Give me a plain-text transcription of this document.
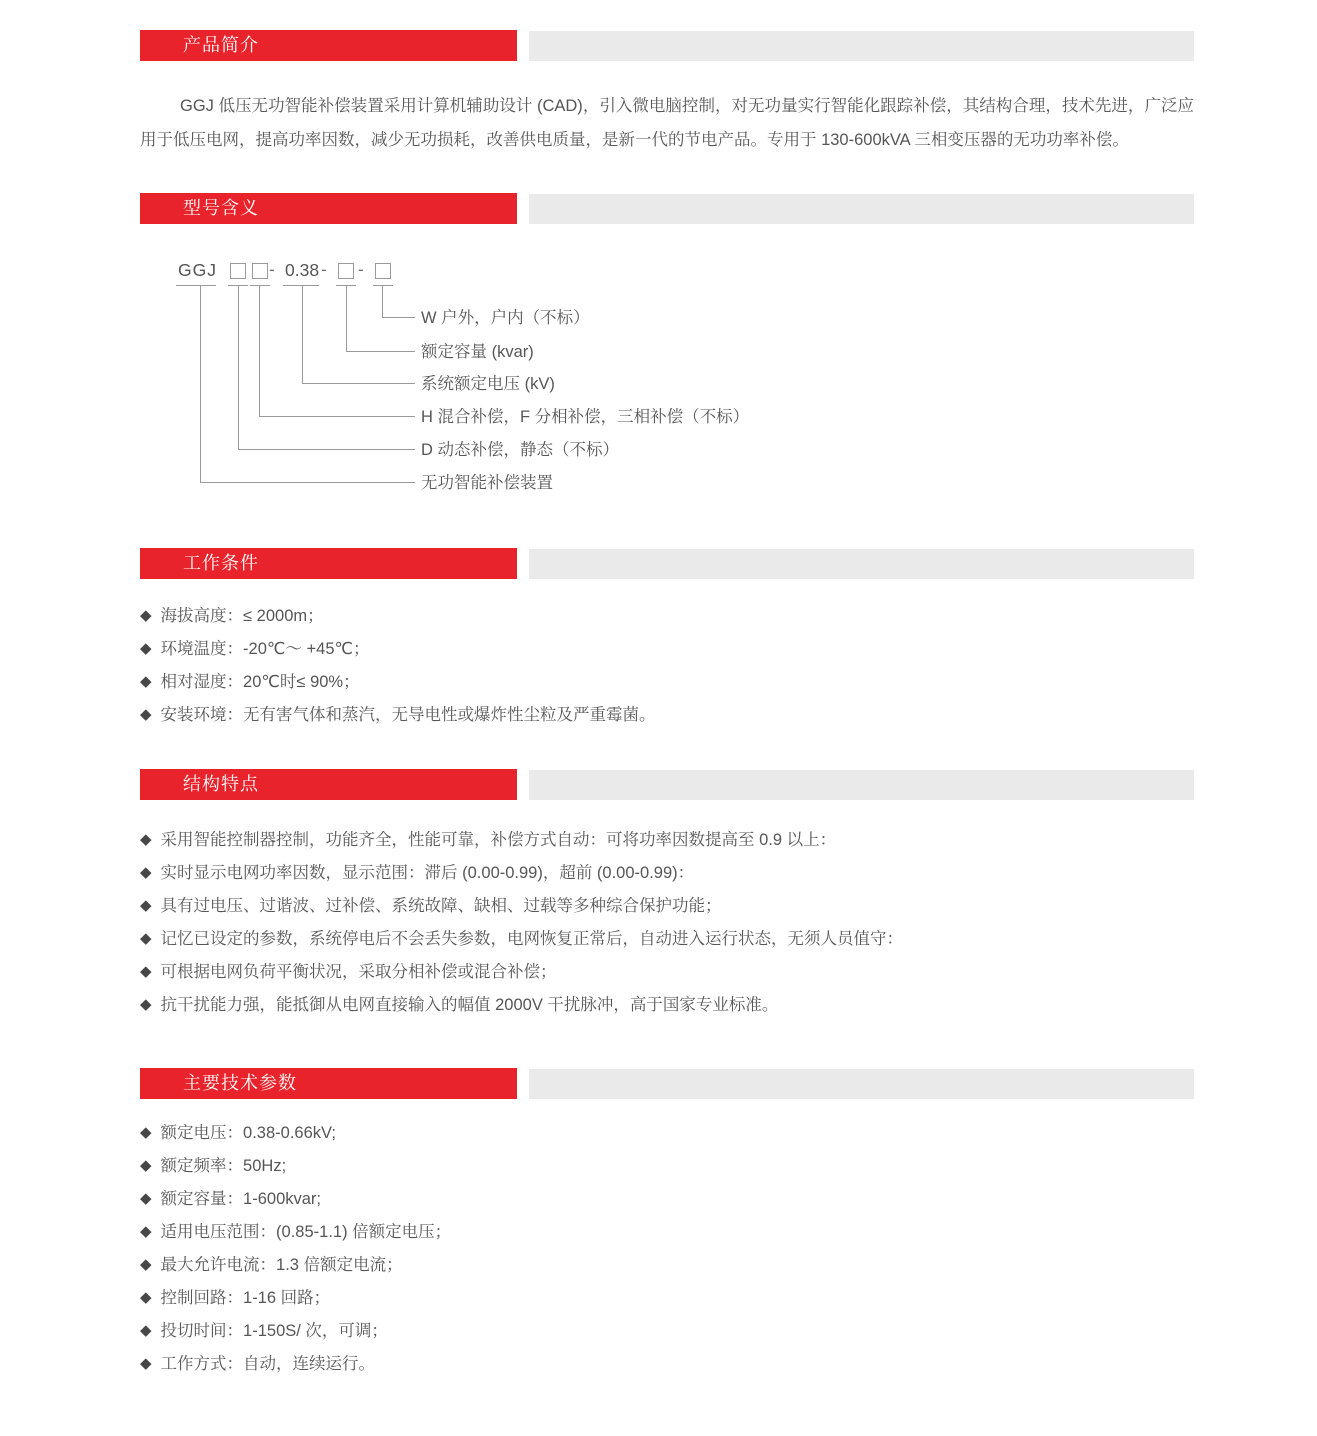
产品简介

GGJ 低压无功智能补偿装置采用计算机辅助设计 (CAD)，引入微电脑控制，对无功量实行智能化跟踪补偿，其结构合理，技术先进，广泛应用于低压电网，提高功率因数，减少无功损耗，改善供电质量，是新一代的节电产品。专用于 130-600kVA 三相变压器的无功功率补偿。

型号含义
GGJ	- 0.38 - -
W 户外，户内（不标）
额定容量 (kvar)
系统额定电压 (kV)
H 混合补偿，F 分相补偿，三相补偿（不标）
D 动态补偿，静态（不标）
无功智能补偿装置
工作条件
◆ 海拔高度：≤ 2000m；
◆ 环境温度：-20℃～ +45℃；
◆ 相对湿度：20℃时≤ 90%；
◆ 安装环境：无有害气体和蒸汽，无导电性或爆炸性尘粒及严重霉菌。
结构特点
◆ 采用智能控制器控制，功能齐全，性能可靠，补偿方式自动：可将功率因数提高至 0.9 以上：
◆ 实时显示电网功率因数，显示范围：滞后 (0.00-0.99)，超前 (0.00-0.99)：
◆ 具有过电压、过谐波、过补偿、系统故障、缺相、过载等多种综合保护功能；
◆ 记忆已设定的参数，系统停电后不会丢失参数，电网恢复正常后，自动进入运行状态，无须人员值守：
◆ 可根据电网负荷平衡状况，采取分相补偿或混合补偿；
◆ 抗干扰能力强，能抵御从电网直接输入的幅值 2000V 干扰脉冲，高于国家专业标准。
主要技术参数
◆ 额定电压：0.38-0.66kV;
◆ 额定频率：50Hz;
◆ 额定容量：1-600kvar;
◆ 适用电压范围：(0.85-1.1) 倍额定电压；
◆ 最大允许电流：1.3 倍额定电流；
◆ 控制回路：1-16 回路；
◆ 投切时间：1-150S/ 次，可调；
◆ 工作方式：自动，连续运行。
